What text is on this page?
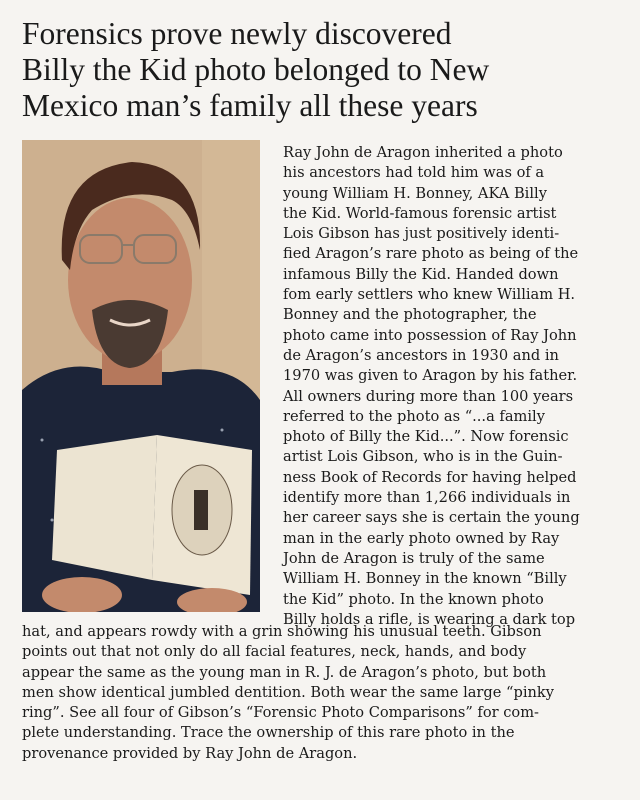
Forensics prove newly discovered
Billy the Kid photo belonged to New
Mexico man’s family all these years
Ray John de Aragon inherited a photo
his ancestors had told him was of a
young William H. Bonney, AKA Billy
the Kid. World-famous forensic artist
Lois Gibson has just positively identi-
fied Aragon’s rare photo as being of the
infamous Billy the Kid. Handed down
fom early settlers who knew William H.
Bonney and the photographer, the
photo came into possession of Ray John
de Aragon’s ancestors in 1930 and in
1970 was given to Aragon by his father.
All owners during more than 100 years
referred to the photo as “...a family
photo of Billy the Kid...”. Now forensic
artist Lois Gibson, who is in the Guin-
ness Book of Records for having helped
identify more than 1,266 individuals in
her career says she is certain the young
man in the early photo owned by Ray
John de Aragon is truly of the same
William H. Bonney in the known “Billy
the Kid” photo. In the known photo
Billy holds a rifle, is wearing a dark top
hat, and appears rowdy with a grin showing his unusual teeth. Gibson
points out that not only do all facial features, neck, hands, and body
appear the same as the young man in R. J. de Aragon’s photo, but both
men show identical jumbled dentition. Both wear the same large “pinky
ring”. See all four of Gibson’s “Forensic Photo Comparisons” for com-
plete understanding. Trace the ownership of this rare photo in the
provenance provided by Ray John de Aragon.
